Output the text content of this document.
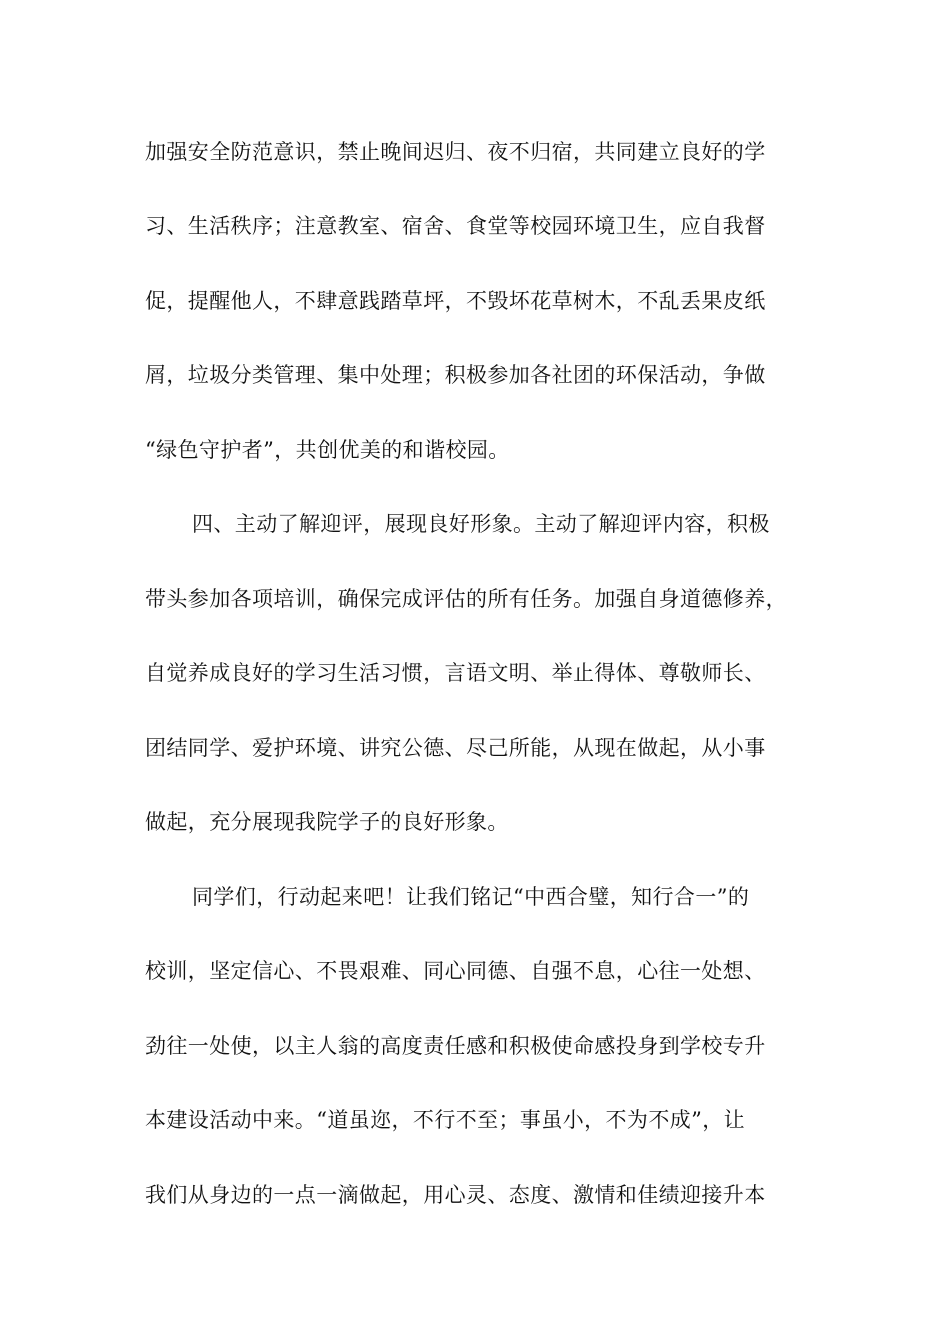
加强安全防范意识，禁止晚间迟归、夜不归宿，共同建立良好的学
习、生活秩序；注意教室、宿舍、食堂等校园环境卫生，应自我督
促，提醒他人，不肆意践踏草坪，不毁坏花草树木，不乱丢果皮纸
屑，垃圾分类管理、集中处理；积极参加各社团的环保活动，争做
“绿色守护者”，共创优美的和谐校园。
四、主动了解迎评，展现良好形象。主动了解迎评内容，积极
带头参加各项培训，确保完成评估的所有任务。加强自身道德修养，
自觉养成良好的学习生活习惯，言语文明、举止得体、尊敬师长、
团结同学、爱护环境、讲究公德、尽己所能，从现在做起，从小事
做起，充分展现我院学子的良好形象。
同学们，行动起来吧！让我们铭记“中西合璧，知行合一”的
校训，坚定信心、不畏艰难、同心同德、自强不息，心往一处想、
劲往一处使，以主人翁的高度责任感和积极使命感投身到学校专升
本建设活动中来。“道虽迩，不行不至；事虽小，不为不成”，让
我们从身边的一点一滴做起，用心灵、态度、激情和佳绩迎接升本
